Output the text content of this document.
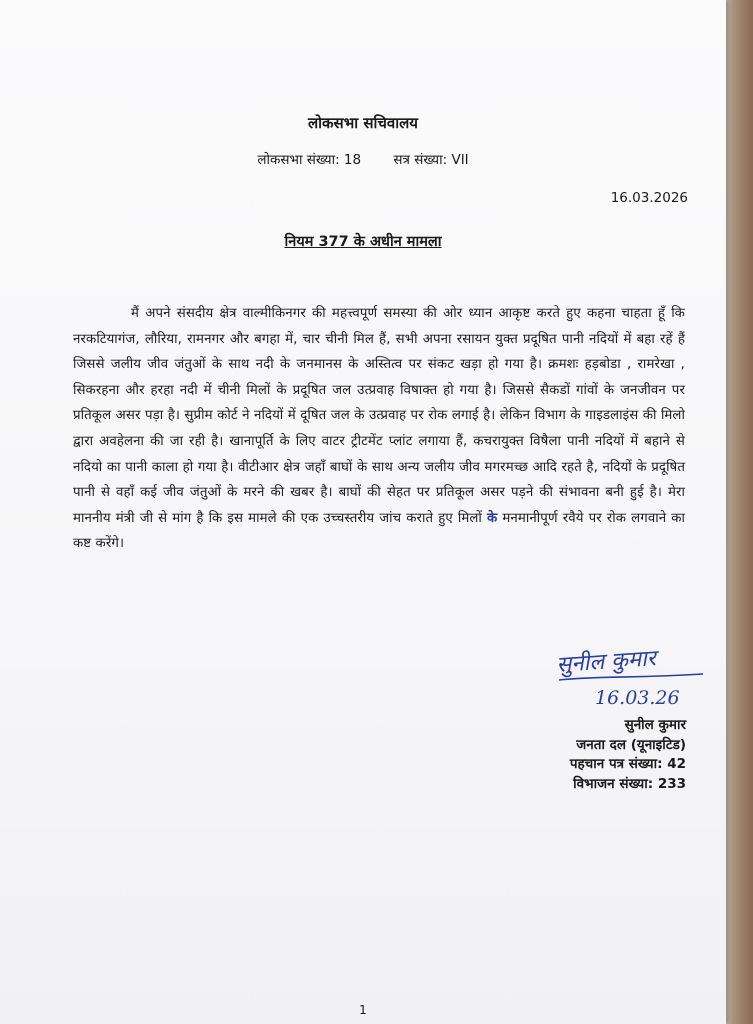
लोकसभा सचिवालय
लोकसभा संख्या: 18 सत्र संख्या: VII
16.03.2026
नियम 377 के अधीन मामला
मैं अपने संसदीय क्षेत्र वाल्मीकिनगर की महत्त्वपूर्ण समस्या की ओर ध्यान आकृष्ट करते हुए कहना चाहता हूँ कि नरकटियागंज, लौरिया, रामनगर और बगहा में, चार चीनी मिल हैं, सभी अपना रसायन युक्त प्रदूषित पानी नदियों में बहा रहें हैं जिससे जलीय जीव जंतुओं के साथ नदी के जनमानस के अस्तित्व पर संकट खड़ा हो गया है। क्रमशः हड़बोडा , रामरेखा , सिकरहना और हरहा नदी में चीनी मिलों के प्रदूषित जल उत्प्रवाह विषाक्त हो गया है। जिससे सैकडों गांवों के जनजीवन पर प्रतिकूल असर पड़ा है। सुप्रीम कोर्ट ने नदियों में दूषित जल के उत्प्रवाह पर रोक लगाई है। लेकिन विभाग के गाइडलाइंस की मिलो द्वारा अवहेलना की जा रही है। खानापूर्ति के लिए वाटर ट्रीटमेंट प्लांट लगाया हैं, कचरायुक्त विषैला पानी नदियों में बहाने से नदियो का पानी काला हो गया है। वीटीआर क्षेत्र जहाँ बाघों के साथ अन्य जलीय जीव मगरमच्छ आदि रहते है, नदियों के प्रदूषित पानी से वहाँ कई जीव जंतुओं के मरने की खबर है। बाघों की सेहत पर प्रतिकूल असर पड़ने की संभावना बनी हुई है। मेरा माननीय मंत्री जी से मांग है कि इस मामले की एक उच्चस्तरीय जांच कराते हुए मिलों के मनमानीपूर्ण रवैये पर रोक लगवाने का कष्ट करेंगे।
सुनील कुमार
16.03.26
सुनील कुमार
जनता दल (यूनाइटिड)
पहचान पत्र संख्या: 42
विभाजन संख्या: 233
1
